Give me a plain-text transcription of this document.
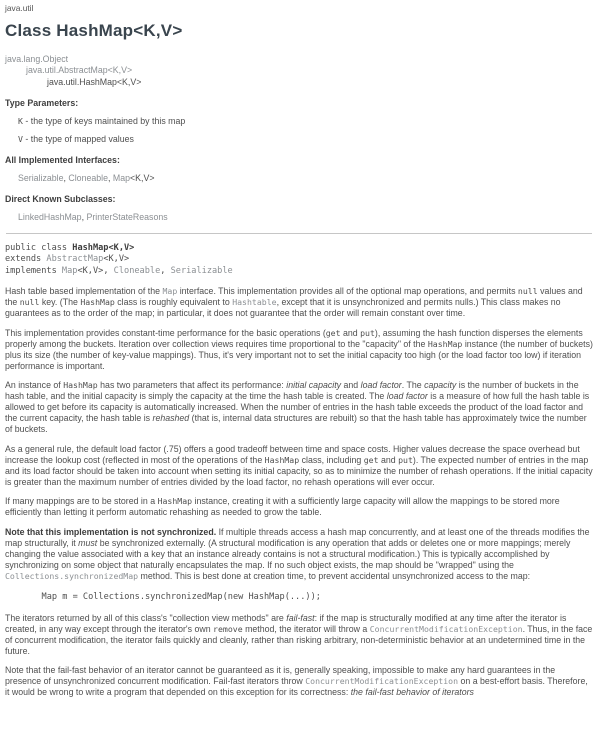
java.util
Class HashMap<K,V>
java.lang.Object
java.util.AbstractMap<K,V>
java.util.HashMap<K,V>
Type Parameters:
K - the type of keys maintained by this map
V - the type of mapped values
All Implemented Interfaces:
Serializable, Cloneable, Map<K,V>
Direct Known Subclasses:
LinkedHashMap, PrinterStateReasons
public class HashMap<K,V>
extends AbstractMap<K,V>
implements Map<K,V>, Cloneable, Serializable

Hash table based implementation of the Map interface. This implementation provides all of the optional map operations, and permits null values and the null key. (The HashMap class is roughly equivalent to Hashtable, except that it is unsynchronized and permits nulls.) This class makes no guarantees as to the order of the map; in particular, it does not guarantee that the order will remain constant over time.

This implementation provides constant-time performance for the basic operations (get and put), assuming the hash function disperses the elements properly among the buckets. Iteration over collection views requires time proportional to the "capacity" of the HashMap instance (the number of buckets) plus its size (the number of key-value mappings). Thus, it's very important not to set the initial capacity too high (or the load factor too low) if iteration performance is important.

An instance of HashMap has two parameters that affect its performance: initial capacity and load factor. The capacity is the number of buckets in the hash table, and the initial capacity is simply the capacity at the time the hash table is created. The load factor is a measure of how full the hash table is allowed to get before its capacity is automatically increased. When the number of entries in the hash table exceeds the product of the load factor and the current capacity, the hash table is rehashed (that is, internal data structures are rebuilt) so that the hash table has approximately twice the number of buckets.

As a general rule, the default load factor (.75) offers a good tradeoff between time and space costs. Higher values decrease the space overhead but increase the lookup cost (reflected in most of the operations of the HashMap class, including get and put). The expected number of entries in the map and its load factor should be taken into account when setting its initial capacity, so as to minimize the number of rehash operations. If the initial capacity is greater than the maximum number of entries divided by the load factor, no rehash operations will ever occur.

If many mappings are to be stored in a HashMap instance, creating it with a sufficiently large capacity will allow the mappings to be stored more efficiently than letting it perform automatic rehashing as needed to grow the table.

Note that this implementation is not synchronized. If multiple threads access a hash map concurrently, and at least one of the threads modifies the map structurally, it must be synchronized externally. (A structural modification is any operation that adds or deletes one or more mappings; merely changing the value associated with a key that an instance already contains is not a structural modification.) This is typically accomplished by synchronizing on some object that naturally encapsulates the map. If no such object exists, the map should be "wrapped" using the Collections.synchronizedMap method. This is best done at creation time, to prevent accidental unsynchronized access to the map:

Map m = Collections.synchronizedMap(new HashMap(...));

The iterators returned by all of this class's "collection view methods" are fail-fast: if the map is structurally modified at any time after the iterator is created, in any way except through the iterator's own remove method, the iterator will throw a ConcurrentModificationException. Thus, in the face of concurrent modification, the iterator fails quickly and cleanly, rather than risking arbitrary, non-deterministic behavior at an undetermined time in the future.

Note that the fail-fast behavior of an iterator cannot be guaranteed as it is, generally speaking, impossible to make any hard guarantees in the presence of unsynchronized concurrent modification. Fail-fast iterators throw ConcurrentModificationException on a best-effort basis. Therefore, it would be wrong to write a program that depended on this exception for its correctness: the fail-fast behavior of iterators
